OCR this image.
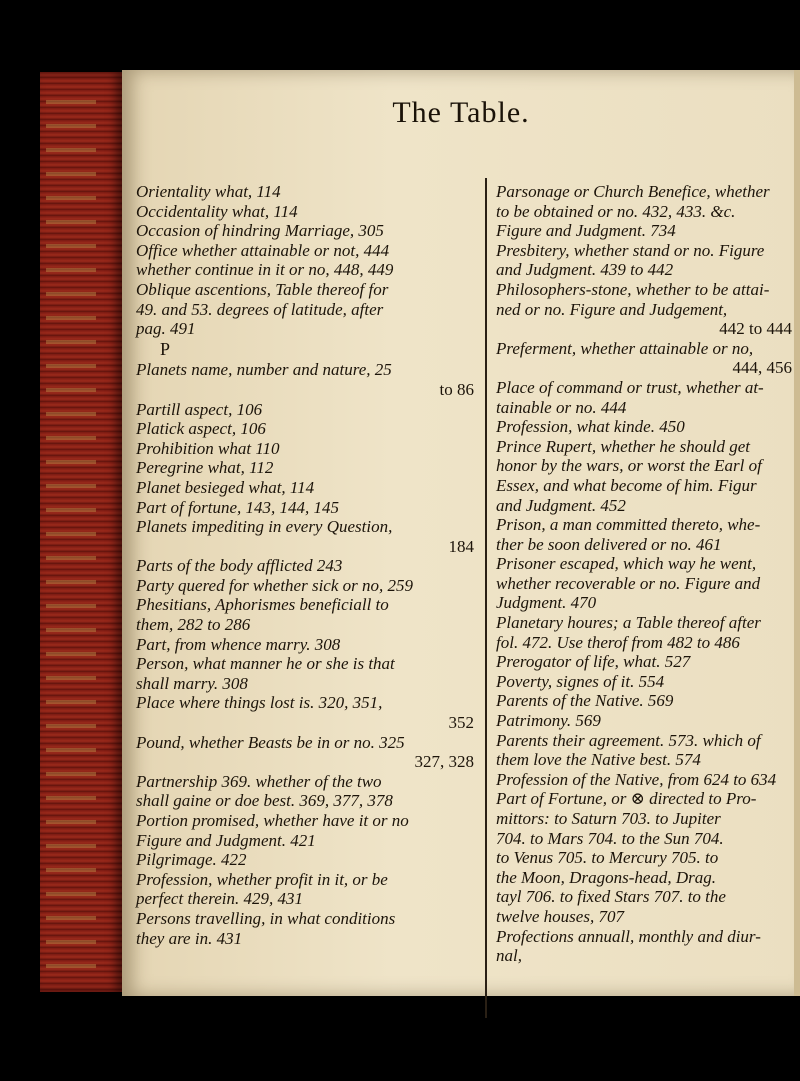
The Table.
Orientality what, 114
Occidentality what, 114
Occasion of hindring Marriage, 305
Office whether attainable or not, 444
whether continue in it or no, 448, 449
Oblique ascentions, Table thereof for
49. and 53. degrees of latitude, after
pag. 491
P
Planets name, number and nature, 25
to 86
Partill aspect, 106
Platick aspect, 106
Prohibition what 110
Peregrine what, 112
Planet besieged what, 114
Part of fortune, 143, 144, 145
Planets impediting in every Question,
184
Parts of the body afflicted 243
Party quered for whether sick or no, 259
Phesitians, Aphorismes beneficiall to
them, 282 to 286
Part, from whence marry. 308
Person, what manner he or she is that
shall marry. 308
Place where things lost is. 320, 351,
352
Pound, whether Beasts be in or no. 325
327, 328
Partnership 369. whether of the two
shall gaine or doe best. 369, 377, 378
Portion promised, whether have it or no
Figure and Judgment. 421
Pilgrimage. 422
Profession, whether profit in it, or be
perfect therein. 429, 431
Persons travelling, in what conditions
they are in. 431
Parsonage or Church Benefice, whether
to be obtained or no. 432, 433. &c.
Figure and Judgment. 734
Presbitery, whether stand or no. Figure
and Judgment. 439 to 442
Philosophers-stone, whether to be attai-
ned or no. Figure and Judgement,
442 to 444
Preferment, whether attainable or no,
444, 456
Place of command or trust, whether at-
tainable or no. 444
Profession, what kinde. 450
Prince Rupert, whether he should get
honor by the wars, or worst the Earl of
Essex, and what become of him. Figur
and Judgment. 452
Prison, a man committed thereto, whe-
ther be soon delivered or no. 461
Prisoner escaped, which way he went,
whether recoverable or no. Figure and
Judgment. 470
Planetary houres; a Table thereof after
fol. 472. Use therof from 482 to 486
Prerogator of life, what. 527
Poverty, signes of it. 554
Parents of the Native. 569
Patrimony. 569
Parents their agreement. 573. which of
them love the Native best. 574
Profession of the Native, from 624 to 634
Part of Fortune, or ⊗ directed to Pro-
mittors: to Saturn 703. to Jupiter
704. to Mars 704. to the Sun 704.
to Venus 705. to Mercury 705. to
the Moon, Dragons-head, Drag.
tayl 706. to fixed Stars 707. to the
twelve houses, 707
Profections annuall, monthly and diur-
nal,
